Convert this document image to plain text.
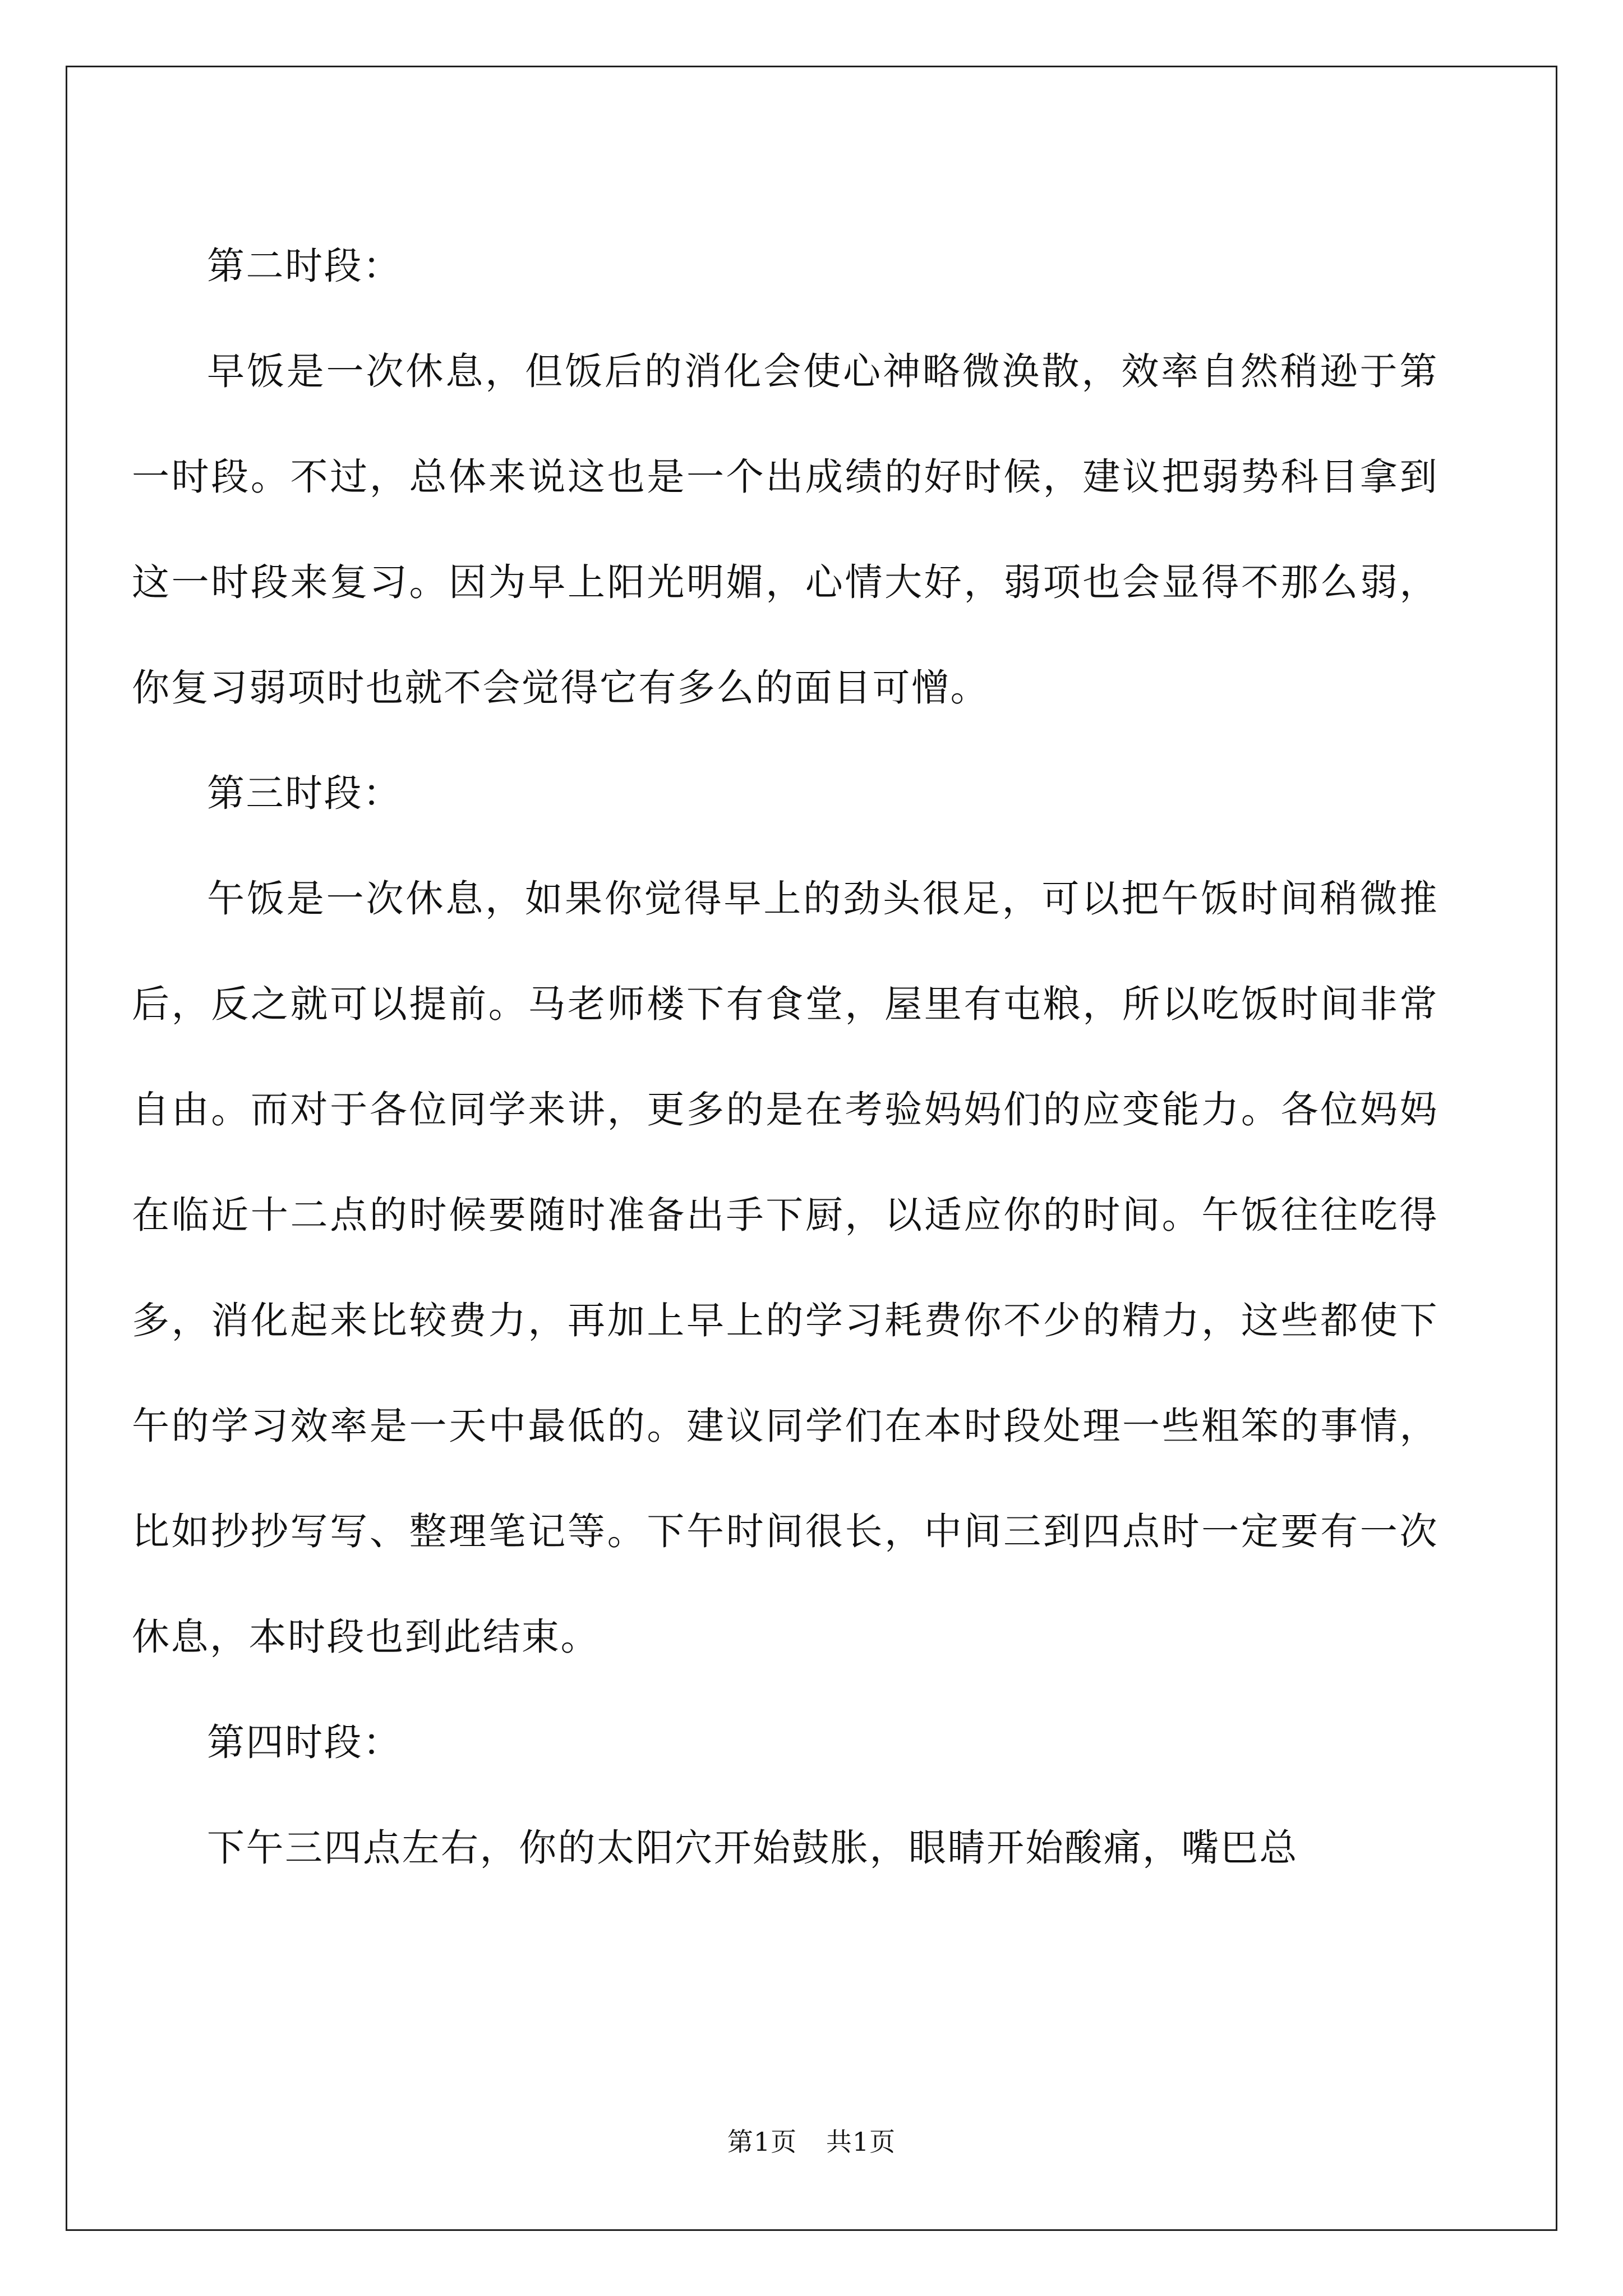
第二时段：

早饭是一次休息，但饭后的消化会使心神略微涣散，效率自然稍逊于第一时段。不过，总体来说这也是一个出成绩的好时候，建议把弱势科目拿到这一时段来复习。因为早上阳光明媚，心情大好，弱项也会显得不那么弱，你复习弱项时也就不会觉得它有多么的面目可憎。

第三时段：

午饭是一次休息，如果你觉得早上的劲头很足，可以把午饭时间稍微推后，反之就可以提前。马老师楼下有食堂，屋里有屯粮，所以吃饭时间非常自由。而对于各位同学来讲，更多的是在考验妈妈们的应变能力。各位妈妈在临近十二点的时候要随时准备出手下厨，以适应你的时间。午饭往往吃得多，消化起来比较费力，再加上早上的学习耗费你不少的精力，这些都使下午的学习效率是一天中最低的。建议同学们在本时段处理一些粗笨的事情，比如抄抄写写、整理笔记等。下午时间很长，中间三到四点时一定要有一次休息，本时段也到此结束。

第四时段：

下午三四点左右，你的太阳穴开始鼓胀，眼睛开始酸痛，嘴巴总

第1页 共1页
